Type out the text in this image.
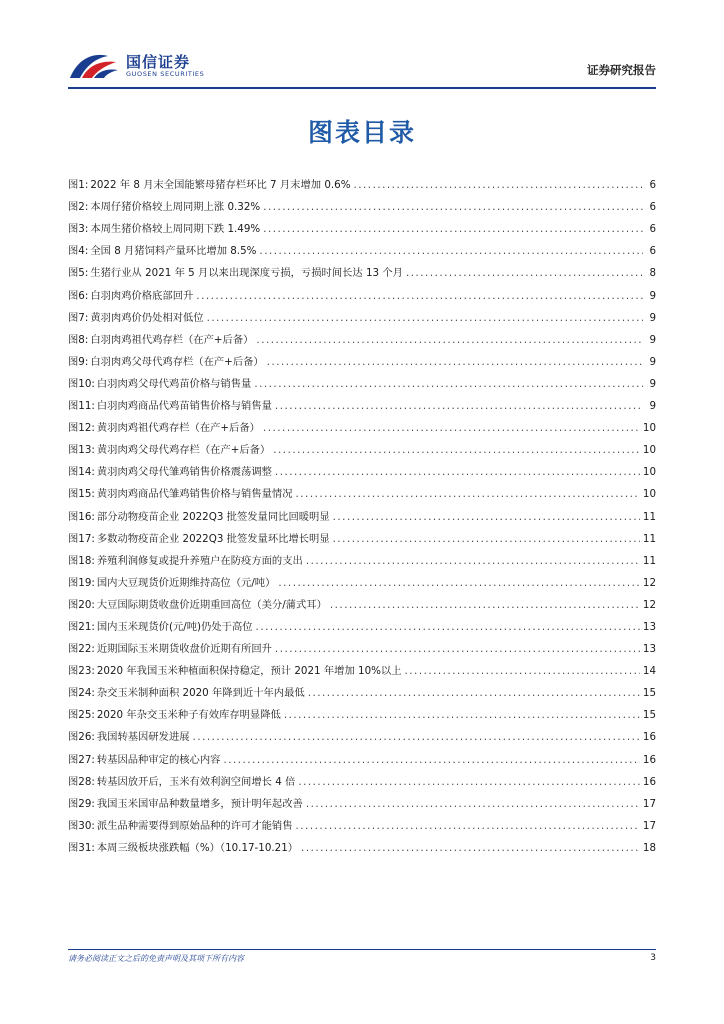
国信证券
GUOSEN SECURITIES	证券研究报告
图表目录
图1: 2022 年 8 月末全国能繁母猪存栏环比 7 月末增加 0.6% .....	6
图2: 本周仔猪价格较上周同期上涨 0.32% .....	6
图3: 本周生猪价格较上周同期下跌 1.49% .....	6
图4: 全国 8 月猪饲料产量环比增加 8.5% .....	6
图5: 生猪行业从 2021 年 5 月以来出现深度亏损，亏损时间长达 13 个月 .....	8
图6: 白羽肉鸡价格底部回升 .....	9
图7: 黄羽肉鸡价仍处相对低位 .....	9
图8: 白羽肉鸡祖代鸡存栏（在产+后备） .....	9
图9: 白羽肉鸡父母代鸡存栏（在产+后备） .....	9
图10: 白羽肉鸡父母代鸡苗价格与销售量 .....	9
图11: 白羽肉鸡商品代鸡苗销售价格与销售量 .....	9
图12: 黄羽肉鸡祖代鸡存栏（在产+后备） .....	10
图13: 黄羽肉鸡父母代鸡存栏（在产+后备） .....	10
图14: 黄羽肉鸡父母代雏鸡销售价格震荡调整 .....	10
图15: 黄羽肉鸡商品代雏鸡销售价格与销售量情况 .....	10
图16: 部分动物疫苗企业 2022Q3 批签发量同比回暖明显 .....	11
图17: 多数动物疫苗企业 2022Q3 批签发量环比增长明显 .....	11
图18: 养殖利润修复或提升养殖户在防疫方面的支出 .....	11
图19: 国内大豆现货价近期维持高位（元/吨） .....	12
图20: 大豆国际期货收盘价近期重回高位（美分/蒲式耳） .....	12
图21: 国内玉米现货价(元/吨)仍处于高位 .....	13
图22: 近期国际玉米期货收盘价近期有所回升 .....	13
图23: 2020 年我国玉米种植面积保持稳定，预计 2021 年增加 10%以上 .....	14
图24: 杂交玉米制种面积 2020 年降到近十年内最低 .....	15
图25: 2020 年杂交玉米种子有效库存明显降低 .....	15
图26: 我国转基因研发进展 .....	16
图27: 转基因品种审定的核心内容 .....	16
图28: 转基因放开后，玉米有效利润空间增长 4 倍 .....	16
图29: 我国玉米国审品种数量增多，预计明年起改善 .....	17
图30: 派生品种需要得到原始品种的许可才能销售 .....	17
图31: 本周三级板块涨跌幅（%）（10.17-10.21） .....	18
请务必阅读正文之后的免责声明及其项下所有内容	3
